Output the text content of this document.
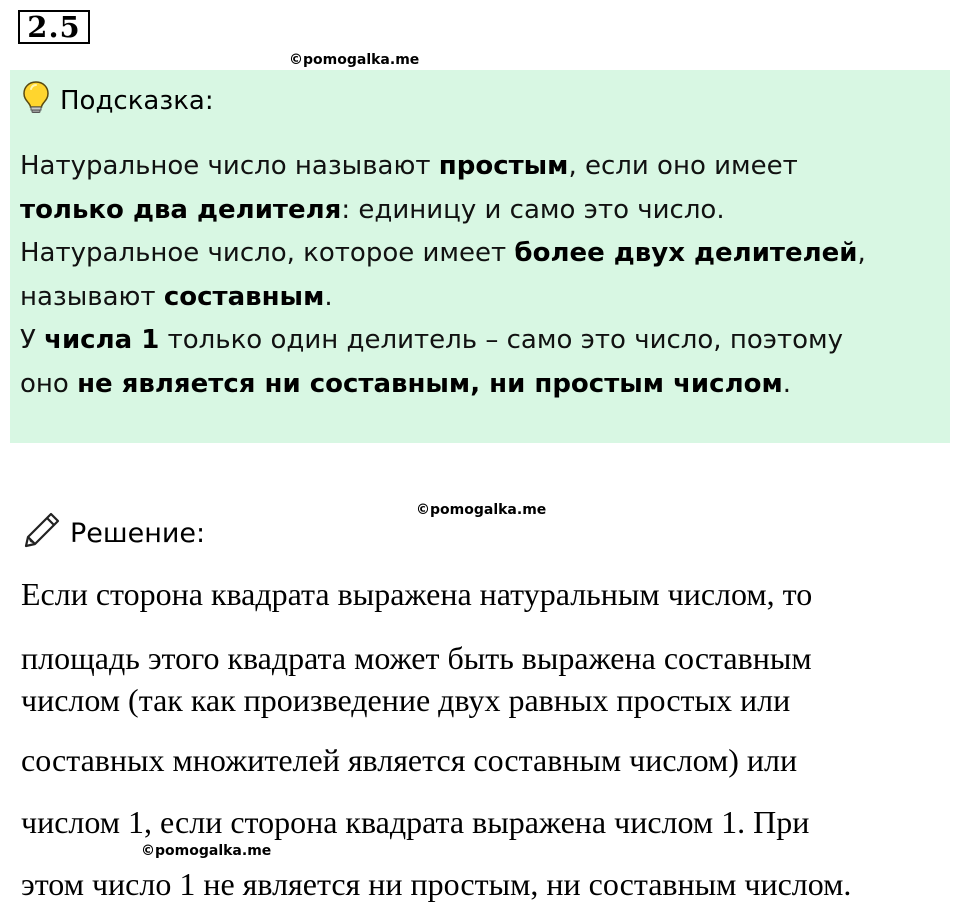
2.5
©pomogalka.me
Подсказка:
Натуральное число называют простым, если оно имеет
только два делителя: единицу и само это число.
Натуральное число, которое имеет более двух делителей,
называют составным.
У числа 1 только один делитель – само это число, поэтому
оно не является ни составным, ни простым числом.
©pomogalka.me
Решение:
Если сторона квадрата выражена натуральным числом, то
площадь этого квадрата может быть выражена составным
числом (так как произведение двух равных простых или
составных множителей является составным числом) или
числом 1, если сторона квадрата выражена числом 1. При
этом число 1 не является ни простым, ни составным числом.
©pomogalka.me
